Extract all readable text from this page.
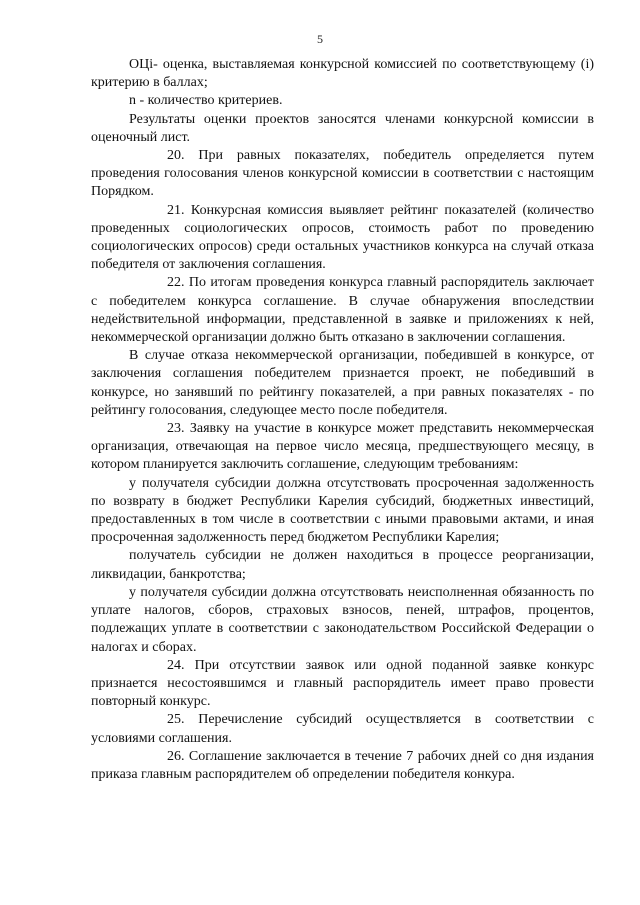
5

ОЦi- оценка, выставляемая конкурсной комиссией по соответствующему (i) критерию в баллах;

n - количество критериев.

Результаты оценки проектов заносятся членами конкурсной комиссии в оценочный лист.

20. При равных показателях, победитель определяется путем проведения голосования членов конкурсной комиссии в соответствии с настоящим Порядком.

21. Конкурсная комиссия выявляет рейтинг показателей (количество проведенных социологических опросов, стоимость работ по проведению социологических опросов) среди остальных участников конкурса на случай отказа победителя от заключения соглашения.

22. По итогам проведения конкурса главный распорядитель заключает с победителем конкурса соглашение. В случае обнаружения впоследствии недействительной информации, представленной в заявке и приложениях к ней, некоммерческой организации должно быть отказано в заключении соглашения.

В случае отказа некоммерческой организации, победившей в конкурсе, от заключения соглашения победителем признается проект, не победивший в конкурсе, но занявший по рейтингу показателей, а при равных показателях - по рейтингу голосования, следующее место после победителя.

23. Заявку на участие в конкурсе может представить некоммерческая организация, отвечающая на первое число месяца, предшествующего месяцу, в котором планируется заключить соглашение, следующим требованиям:

у получателя субсидии должна отсутствовать просроченная задолженность по возврату в бюджет Республики Карелия субсидий, бюджетных инвестиций, предоставленных в том числе в соответствии с иными правовыми актами, и иная просроченная задолженность перед бюджетом Республики Карелия;

получатель субсидии не должен находиться в процессе реорганизации, ликвидации, банкротства;

у получателя субсидии должна отсутствовать неисполненная обязанность по уплате налогов, сборов, страховых взносов, пеней, штрафов, процентов, подлежащих уплате в соответствии с законодательством Российской Федерации о налогах и сборах.

24. При отсутствии заявок или одной поданной заявке конкурс признается несостоявшимся и главный распорядитель имеет право провести повторный конкурс.

25. Перечисление субсидий осуществляется в соответствии с условиями соглашения.

26. Соглашение заключается в течение 7 рабочих дней со дня издания приказа главным распорядителем об определении победителя конкура.
